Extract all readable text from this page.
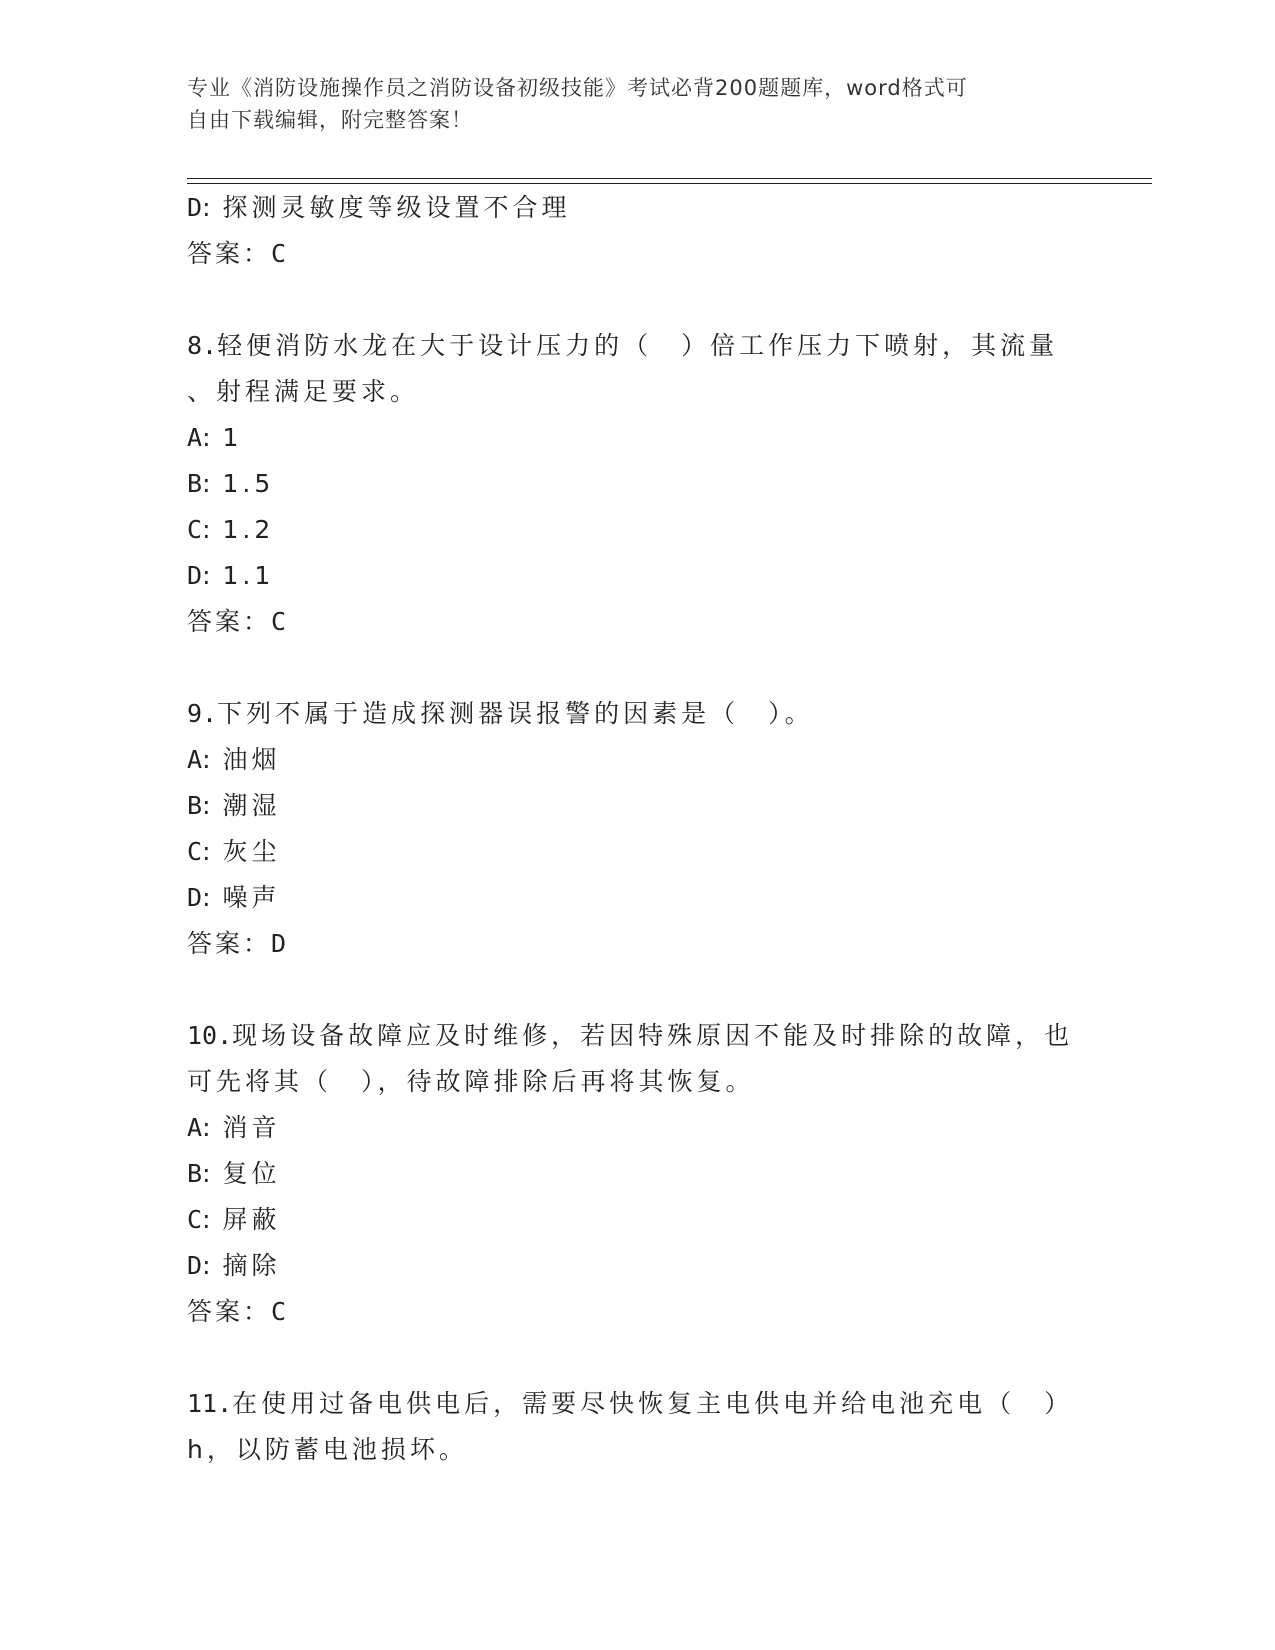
专业《消防设施操作员之消防设备初级技能》考试必背200题题库，word格式可
自由下载编辑，附完整答案！
D: 探测灵敏度等级设置不合理
答案：C
8.轻便消防水龙在大于设计压力的（　）倍工作压力下喷射，其流量
、射程满足要求。
A: 1
B: 1.5
C: 1.2
D: 1.1
答案：C
9.下列不属于造成探测器误报警的因素是（　）。
A: 油烟
B: 潮湿
C: 灰尘
D: 噪声
答案：D
10.现场设备故障应及时维修，若因特殊原因不能及时排除的故障，也
可先将其（　），待故障排除后再将其恢复。
A: 消音
B: 复位
C: 屏蔽
D: 摘除
答案：C
11.在使用过备电供电后，需要尽快恢复主电供电并给电池充电（　）
h，以防蓄电池损坏。
